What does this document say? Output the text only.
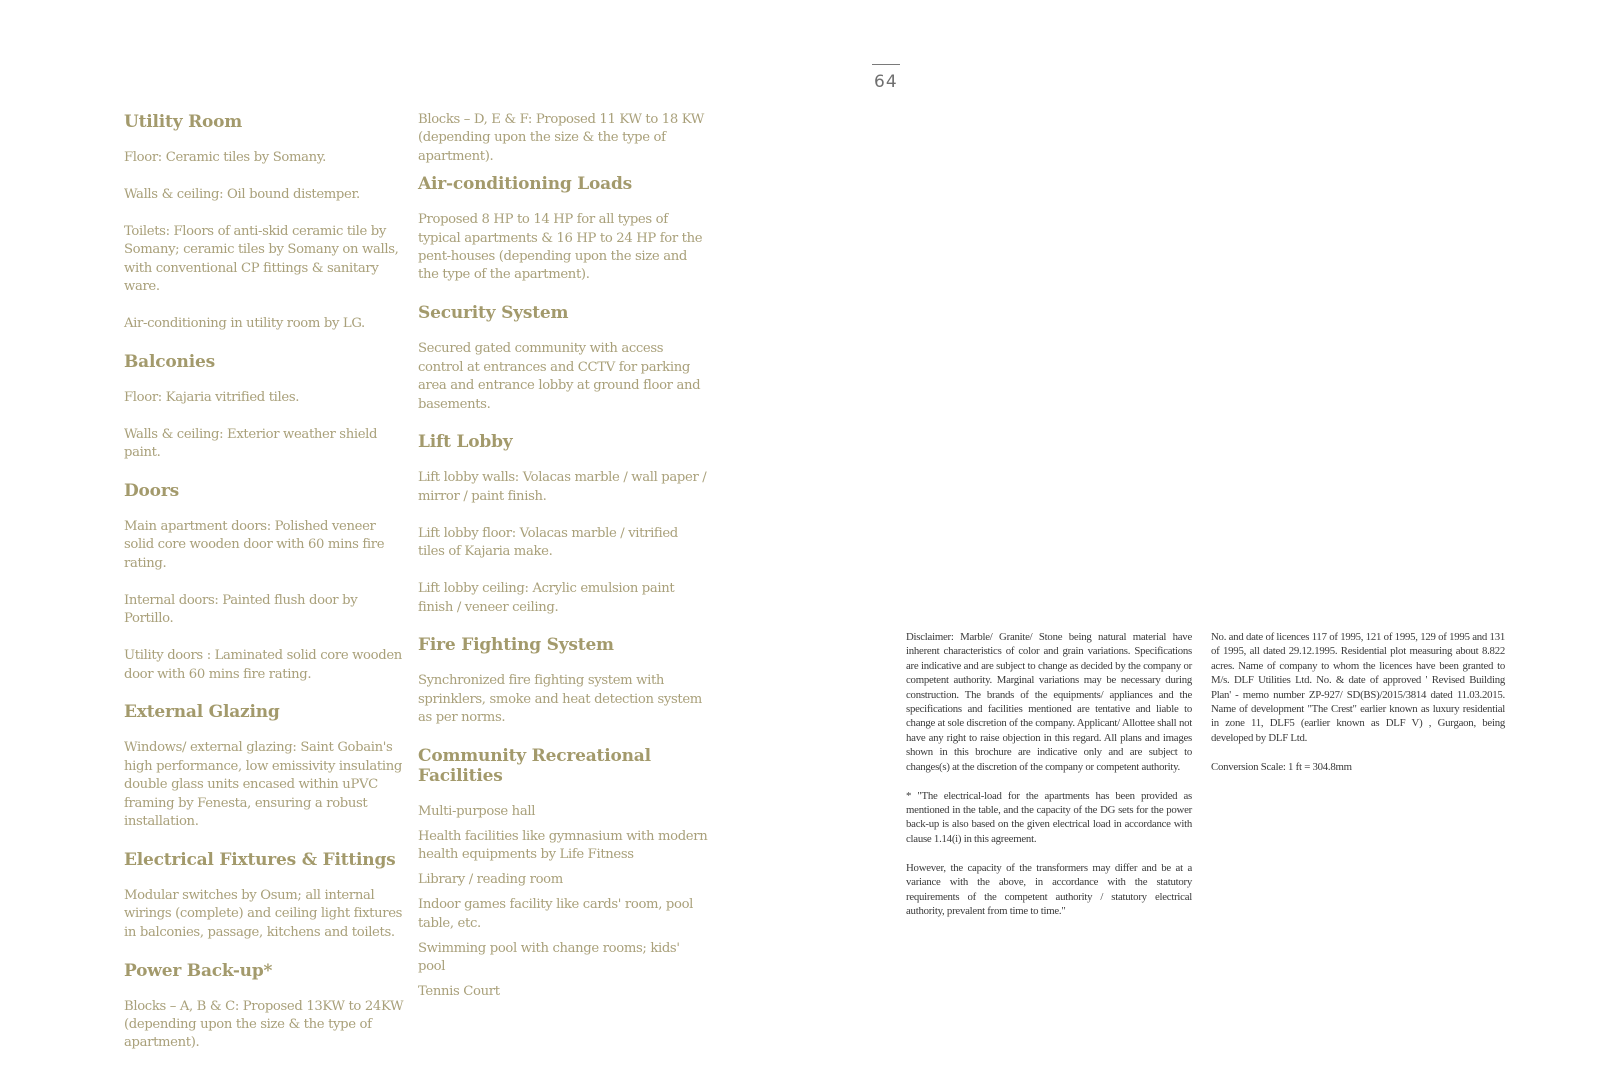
64
Utility Room

Floor: Ceramic tiles by Somany.

Walls & ceiling: Oil bound distemper.

Toilets: Floors of anti-skid ceramic tile by Somany; ceramic tiles by Somany on walls, with conventional CP fittings & sanitary ware.

Air-conditioning in utility room by LG.

Balconies

Floor: Kajaria vitrified tiles.

Walls & ceiling: Exterior weather shield paint.

Doors

Main apartment doors: Polished veneer solid core wooden door with 60 mins fire rating.

Internal doors: Painted flush door by Portillo.

Utility doors : Laminated solid core wooden door with 60 mins fire rating.

External Glazing

Windows/ external glazing: Saint Gobain's high performance, low emissivity insulating double glass units encased within uPVC framing by Fenesta, ensuring a robust installation.

Electrical Fixtures & Fittings

Modular switches by Osum; all internal wirings (complete) and ceiling light fixtures in balconies, passage, kitchens and toilets.

Power Back-up*

Blocks – A, B & C: Proposed 13KW to 24KW (depending upon the size & the type of apartment).

Blocks – D, E & F: Proposed 11 KW to 18 KW (depending upon the size & the type of apartment).

Air-conditioning Loads

Proposed 8 HP to 14 HP for all types of typical apartments & 16 HP to 24 HP for the pent-houses (depending upon the size and the type of the apartment).

Security System

Secured gated community with access control at entrances and CCTV for parking area and entrance lobby at ground floor and basements.

Lift Lobby

Lift lobby walls: Volacas marble / wall paper / mirror / paint finish.

Lift lobby floor: Volacas marble / vitrified tiles of Kajaria make.

Lift lobby ceiling: Acrylic emulsion paint finish / veneer ceiling.

Fire Fighting System

Synchronized fire fighting system with sprinklers, smoke and heat detection system as per norms.

Community Recreational Facilities
Multi-purpose hall
Health facilities like gymnasium with modern health equipments by Life Fitness
Library / reading room
Indoor games facility like cards' room, pool table, etc.
Swimming pool with change rooms; kids' pool
Tennis Court

Disclaimer: Marble/ Granite/ Stone being natural material have inherent characteristics of color and grain variations. Specifications are indicative and are subject to change as decided by the company or competent authority. Marginal variations may be necessary during construction. The brands of the equipments/ appliances and the specifications and facilities mentioned are tentative and liable to change at sole discretion of the company. Applicant/ Allottee shall not have any right to raise objection in this regard. All plans and images shown in this brochure are indicative only and are subject to changes(s) at the discretion of the company or competent authority.

* "The electrical-load for the apartments has been provided as mentioned in the table, and the capacity of the DG sets for the power back-up is also based on the given electrical load in accordance with clause 1.14(i) in this agreement.

However, the capacity of the transformers may differ and be at a variance with the above, in accordance with the statutory requirements of the competent authority / statutory electrical authority, prevalent from time to time."

No. and date of licences 117 of 1995, 121 of 1995, 129 of 1995 and 131 of 1995, all dated 29.12.1995. Residential plot measuring about 8.822 acres. Name of company to whom the licences have been granted to M/s. DLF Utilities Ltd. No. & date of approved ' Revised Building Plan' - memo number ZP-927/ SD(BS)/2015/3814 dated 11.03.2015. Name of development "The Crest" earlier known as luxury residential in zone 11, DLF5 (earlier known as DLF V) , Gurgaon, being developed by DLF Ltd.

Conversion Scale: 1 ft = 304.8mm
